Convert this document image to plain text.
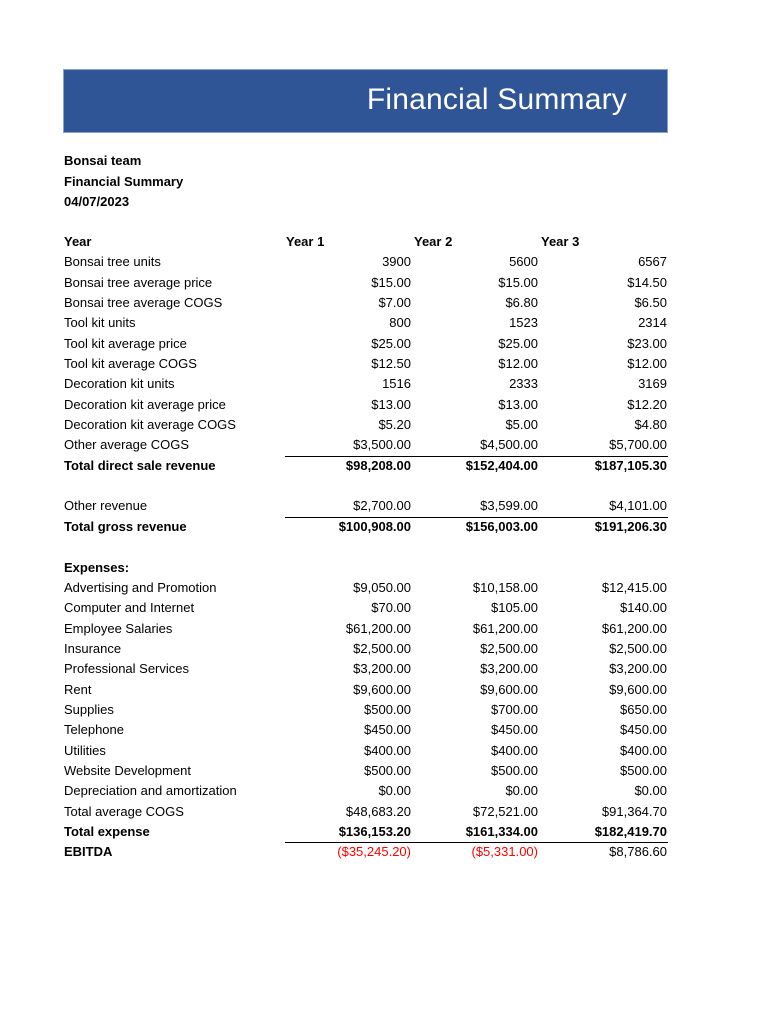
Financial Summary
Bonsai team
Financial Summary
04/07/2023
Year	Year 1	Year 2	Year 3
Bonsai tree units	3900	5600	6567
Bonsai tree average price	$15.00	$15.00	$14.50
Bonsai tree average COGS	$7.00	$6.80	$6.50
Tool kit units	800	1523	2314
Tool kit average price	$25.00	$25.00	$23.00
Tool kit average COGS	$12.50	$12.00	$12.00
Decoration kit units	1516	2333	3169
Decoration kit average price	$13.00	$13.00	$12.20
Decoration kit average COGS	$5.20	$5.00	$4.80
Other average COGS	$3,500.00	$4,500.00	$5,700.00
Total direct sale revenue	$98,208.00	$152,404.00	$187,105.30
Other revenue	$2,700.00	$3,599.00	$4,101.00
Total gross revenue	$100,908.00	$156,003.00	$191,206.30
Expenses:
Advertising and Promotion	$9,050.00	$10,158.00	$12,415.00
Computer and Internet	$70.00	$105.00	$140.00
Employee Salaries	$61,200.00	$61,200.00	$61,200.00
Insurance	$2,500.00	$2,500.00	$2,500.00
Professional Services	$3,200.00	$3,200.00	$3,200.00
Rent	$9,600.00	$9,600.00	$9,600.00
Supplies	$500.00	$700.00	$650.00
Telephone	$450.00	$450.00	$450.00
Utilities	$400.00	$400.00	$400.00
Website Development	$500.00	$500.00	$500.00
Depreciation and amortization	$0.00	$0.00	$0.00
Total average COGS	$48,683.20	$72,521.00	$91,364.70
Total expense	$136,153.20	$161,334.00	$182,419.70
EBITDA	($35,245.20)	($5,331.00)	$8,786.60
